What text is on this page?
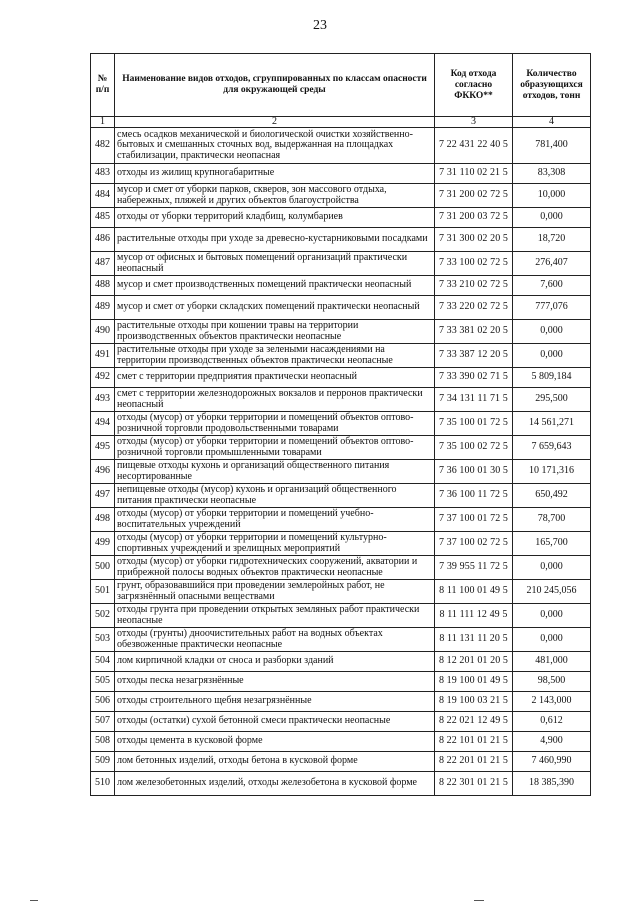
23
№ п/п	Наименование видов отходов, сгруппированных по классам опасности для окружающей среды	Код отхода согласно ФККО**	Количество образующихся отходов, тонн
1	2	3	4
482	смесь осадков механической и биологической очистки хозяйственно-бытовых и смешанных сточных вод, выдержанная на площадках стабилизации, практически неопасная	7 22 431 22 40 5	781,400
483	отходы из жилищ крупногабаритные	7 31 110 02 21 5	83,308
484	мусор и смет от уборки парков, скверов, зон массового отдыха, набережных, пляжей и других объектов благоустройства	7 31 200 02 72 5	10,000
485	отходы от уборки территорий кладбищ, колумбариев	7 31 200 03 72 5	0,000
486	растительные отходы при уходе за древесно-кустарниковыми посадками	7 31 300 02 20 5	18,720
487	мусор от офисных и бытовых помещений организаций практически неопасный	7 33 100 02 72 5	276,407
488	мусор и смет производственных помещений практически неопасный	7 33 210 02 72 5	7,600
489	мусор и смет от уборки складских помещений практически неопасный	7 33 220 02 72 5	777,076
490	растительные отходы при кошении травы на территории производственных объектов практически неопасные	7 33 381 02 20 5	0,000
491	растительные отходы при уходе за зелеными насаждениями на территории производственных объектов практически неопасные	7 33 387 12 20 5	0,000
492	смет с территории предприятия практически неопасный	7 33 390 02 71 5	5 809,184
493	смет с территории железнодорожных вокзалов и перронов практически неопасный	7 34 131 11 71 5	295,500
494	отходы (мусор) от уборки территории и помещений объектов оптово-розничной торговли продовольственными товарами	7 35 100 01 72 5	14 561,271
495	отходы (мусор) от уборки территории и помещений объектов оптово-розничной торговли промышленными товарами	7 35 100 02 72 5	7 659,643
496	пищевые отходы кухонь и организаций общественного питания несортированные	7 36 100 01 30 5	10 171,316
497	непищевые отходы (мусор) кухонь и организаций общественного питания практически неопасные	7 36 100 11 72 5	650,492
498	отходы (мусор) от уборки территории и помещений учебно-воспитательных учреждений	7 37 100 01 72 5	78,700
499	отходы (мусор) от уборки территории и помещений культурно-спортивных учреждений и зрелищных мероприятий	7 37 100 02 72 5	165,700
500	отходы (мусор) от уборки гидротехнических сооружений, акватории и прибрежной полосы водных объектов практически неопасные	7 39 955 11 72 5	0,000
501	грунт, образовавшийся при проведении землеройных работ, не загрязнённый опасными веществами	8 11 100 01 49 5	210 245,056
502	отходы грунта при проведении открытых земляных работ практически неопасные	8 11 111 12 49 5	0,000
503	отходы (грунты) дноочистительных работ на водных объектах обезвоженные практически неопасные	8 11 131 11 20 5	0,000
504	лом кирпичной кладки от сноса и разборки зданий	8 12 201 01 20 5	481,000
505	отходы песка незагрязнённые	8 19 100 01 49 5	98,500
506	отходы строительного щебня незагрязнённые	8 19 100 03 21 5	2 143,000
507	отходы (остатки) сухой бетонной смеси практически неопасные	8 22 021 12 49 5	0,612
508	отходы цемента в кусковой форме	8 22 101 01 21 5	4,900
509	лом бетонных изделий, отходы бетона в кусковой форме	8 22 201 01 21 5	7 460,990
510	лом железобетонных изделий, отходы железобетона в кусковой форме	8 22 301 01 21 5	18 385,390
